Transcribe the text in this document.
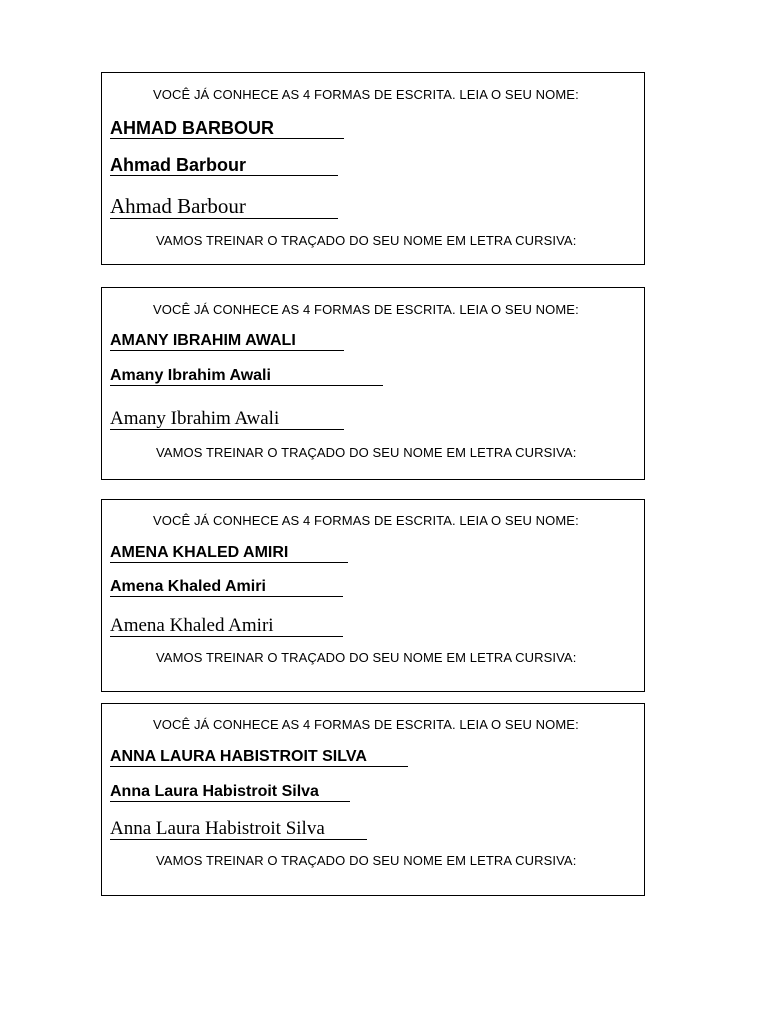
VOCÊ JÁ CONHECE AS 4 FORMAS DE ESCRITA. LEIA O SEU NOME:
AHMAD BARBOUR
Ahmad Barbour
Ahmad Barbour
VAMOS TREINAR O TRAÇADO DO SEU NOME EM LETRA CURSIVA:
VOCÊ JÁ CONHECE AS 4 FORMAS DE ESCRITA. LEIA O SEU NOME:
AMANY IBRAHIM AWALI
Amany Ibrahim Awali
Amany Ibrahim Awali
VAMOS TREINAR O TRAÇADO DO SEU NOME EM LETRA CURSIVA:
VOCÊ JÁ CONHECE AS 4 FORMAS DE ESCRITA. LEIA O SEU NOME:
AMENA KHALED AMIRI
Amena Khaled Amiri
Amena Khaled Amiri
VAMOS TREINAR O TRAÇADO DO SEU NOME EM LETRA CURSIVA:
VOCÊ JÁ CONHECE AS 4 FORMAS DE ESCRITA. LEIA O SEU NOME:
ANNA LAURA HABISTROIT SILVA
Anna Laura Habistroit Silva
Anna Laura Habistroit Silva
VAMOS TREINAR O TRAÇADO DO SEU NOME EM LETRA CURSIVA:
